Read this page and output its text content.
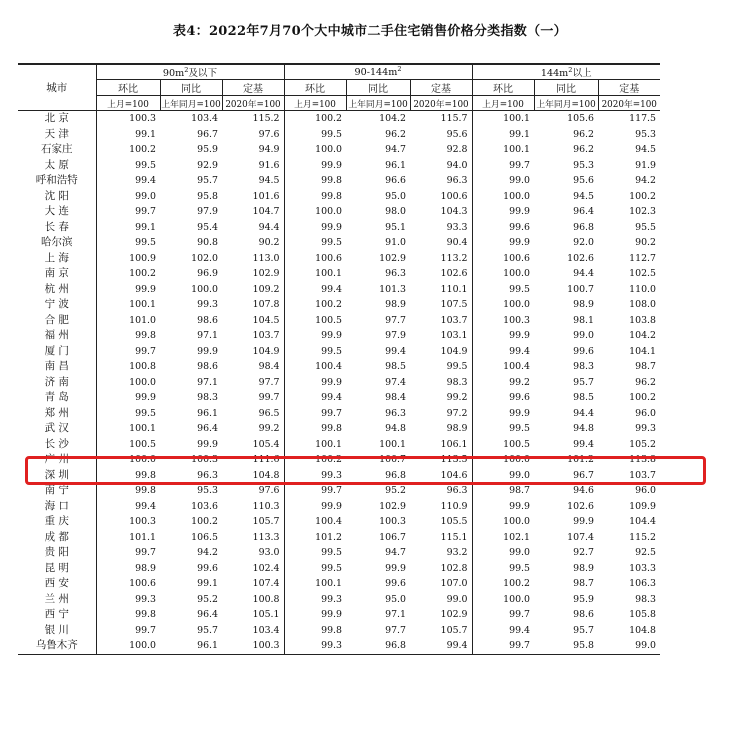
表4：2022年7月70个大中城市二手住宅销售价格分类指数（一）
城市	$90m^2$及以下			$90-144m^2$			$144m^2$以上		
	环比	同比	定基	环比	同比	定基	环比	同比	定基
	上月=100	上年同月=100	2020年=100	上月=100	上年同月=100	2020年=100	上月=100	上年同月=100	2020年=100
北 京	100.3	103.4	115.2	100.2	104.2	115.7	100.1	105.6	117.5
天 津	99.1	96.7	97.6	99.5	96.2	95.6	99.1	96.2	95.3
石家庄	100.2	95.9	94.9	100.0	94.7	92.8	100.1	96.2	94.5
太 原	99.5	92.9	91.6	99.9	96.1	94.0	99.7	95.3	91.9
呼和浩特	99.4	95.7	94.5	99.8	96.6	96.3	99.0	95.6	94.2
沈 阳	99.0	95.8	101.6	99.8	95.0	100.6	100.0	94.5	100.2
大 连	99.7	97.9	104.7	100.0	98.0	104.3	99.9	96.4	102.3
长 春	99.1	95.4	94.4	99.9	95.1	93.3	99.6	96.8	95.5
哈尔滨	99.5	90.8	90.2	99.5	91.0	90.4	99.9	92.0	90.2
上 海	100.9	102.0	113.0	100.6	102.9	113.2	100.6	102.6	112.7
南 京	100.2	96.9	102.9	100.1	96.3	102.6	100.0	94.4	102.5
杭 州	99.9	100.0	109.2	99.4	101.3	110.1	99.5	100.7	110.0
宁 波	100.1	99.3	107.8	100.2	98.9	107.5	100.0	98.9	108.0
合 肥	101.0	98.6	104.5	100.5	97.7	103.7	100.3	98.1	103.8
福 州	99.8	97.1	103.7	99.9	97.9	103.1	99.9	99.0	104.2
厦 门	99.7	99.9	104.9	99.5	99.4	104.9	99.4	99.6	104.1
南 昌	100.8	98.6	98.4	100.4	98.5	99.5	100.4	98.3	98.7
济 南	100.0	97.1	97.7	99.9	97.4	98.3	99.2	95.7	96.2
青 岛	99.9	98.3	99.7	99.4	98.4	99.2	99.6	98.5	100.2
郑 州	99.5	96.1	96.5	99.7	96.3	97.2	99.9	94.4	96.0
武 汉	100.1	96.4	99.2	99.8	94.8	98.9	99.5	94.8	99.3
长 沙	100.5	99.9	105.4	100.1	100.1	106.1	100.5	99.4	105.2
广 州	100.0	100.3	111.6	100.2	100.7	113.5	100.0	101.2	113.8
深 圳	99.8	96.3	104.8	99.3	96.8	104.6	99.0	96.7	103.7
南 宁	99.8	95.3	97.6	99.7	95.2	96.3	98.7	94.6	96.0
海 口	99.4	103.6	110.3	99.9	102.9	110.9	99.9	102.6	109.9
重 庆	100.3	100.2	105.7	100.4	100.3	105.5	100.0	99.9	104.4
成 都	101.1	106.5	113.3	101.2	106.7	115.1	102.1	107.4	115.2
贵 阳	99.7	94.2	93.0	99.5	94.7	93.2	99.0	92.7	92.5
昆 明	98.9	99.6	102.4	99.5	99.9	102.8	99.5	98.9	103.3
西 安	100.6	99.1	107.4	100.1	99.6	107.0	100.2	98.7	106.3
兰 州	99.3	95.2	100.8	99.3	95.0	99.0	100.0	95.9	98.3
西 宁	99.8	96.4	105.1	99.9	97.1	102.9	99.7	98.6	105.8
银 川	99.7	95.7	103.4	99.8	97.7	105.7	99.4	95.7	104.8
乌鲁木齐	100.0	96.1	100.3	99.3	96.8	99.4	99.7	95.8	99.0
